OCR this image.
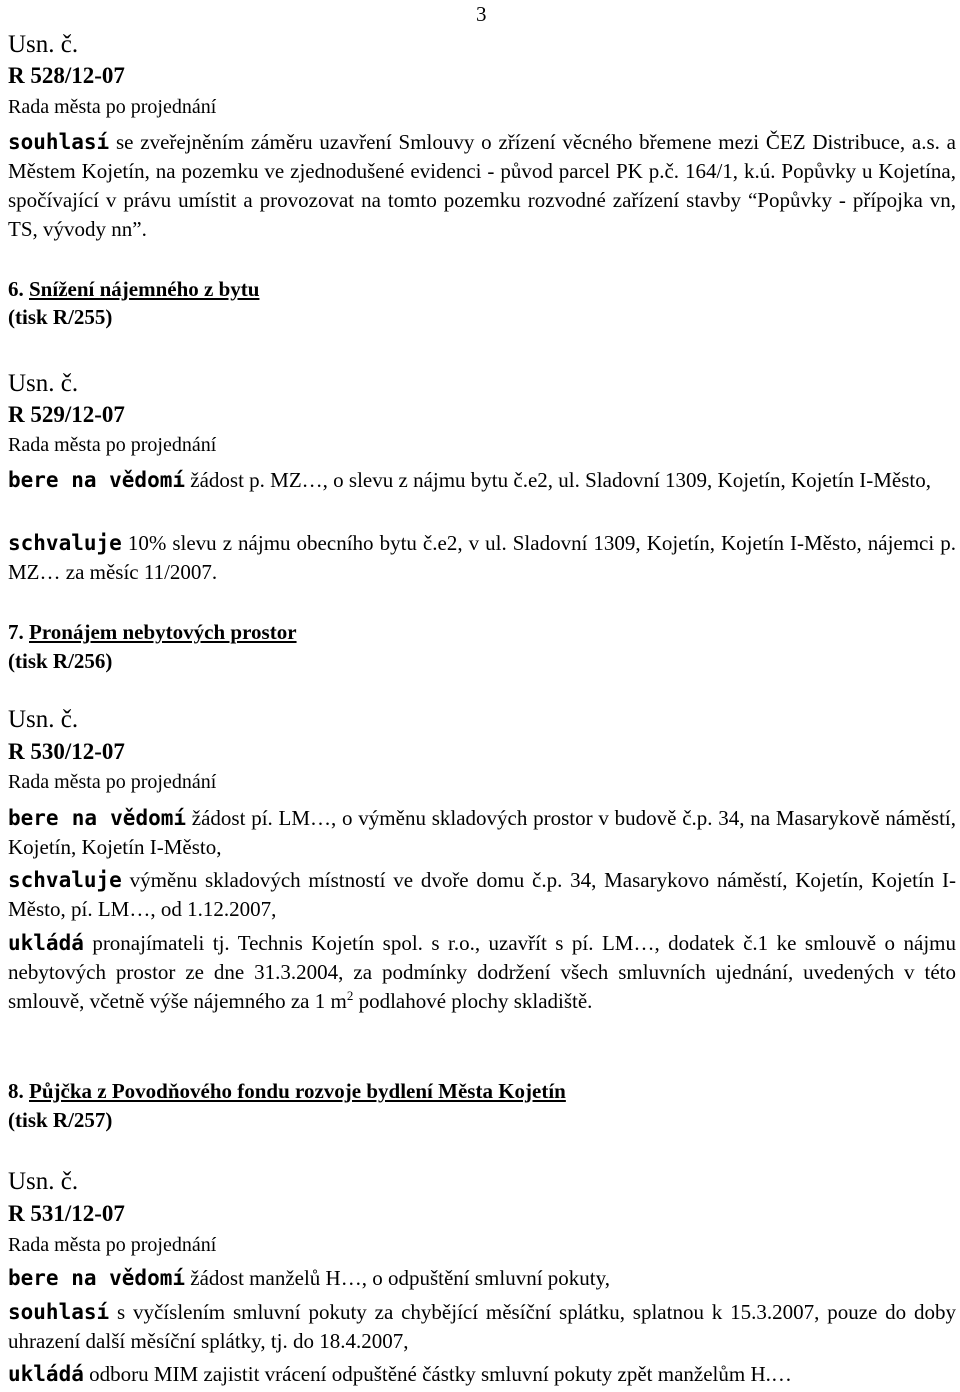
3
Usn. č.
R 528/12-07
Rada města po projednání

souhlasí se zveřejněním záměru uzavření Smlouvy o zřízení věcného břemene mezi ČEZ Distribuce, a.s. a Městem Kojetín, na pozemku ve zjednodušené evidenci - původ parcel PK p.č. 164/1, k.ú. Popůvky u Kojetína, spočívající v právu umístit a provozovat na tomto pozemku rozvodné zařízení stavby “Popůvky - přípojka vn, TS, vývody nn”.

6. Snížení nájemného z bytu
(tisk R/255)
Usn. č.
R 529/12-07
Rada města po projednání

bere na vědomí žádost p. MZ…, o slevu z nájmu bytu č.e2, ul. Sladovní 1309, Kojetín, Kojetín I-Město,

schvaluje 10% slevu z nájmu obecního bytu č.e2, v ul. Sladovní 1309, Kojetín, Kojetín I-Město, nájemci p. MZ… za měsíc 11/2007.

7. Pronájem nebytových prostor
(tisk R/256)
Usn. č.
R 530/12-07
Rada města po projednání

bere na vědomí žádost pí. LM…, o výměnu skladových prostor v budově č.p. 34, na Masarykově náměstí, Kojetín, Kojetín I-Město,

schvaluje výměnu skladových místností ve dvoře domu č.p. 34, Masarykovo náměstí, Kojetín, Kojetín I-Město, pí. LM…, od 1.12.2007,

ukládá pronajímateli tj. Technis Kojetín spol. s r.o., uzavřít s pí. LM…, dodatek č.1 ke smlouvě o nájmu nebytových prostor ze dne 31.3.2004, za podmínky dodržení všech smluvních ujednání, uvedených v této smlouvě, včetně výše nájemného za 1 $m^2$ podlahové plochy skladiště.

8. Půjčka z Povodňového fondu rozvoje bydlení Města Kojetín
(tisk R/257)
Usn. č.
R 531/12-07
Rada města po projednání

bere na vědomí žádost manželů H…, o odpuštění smluvní pokuty,

souhlasí s vyčíslením smluvní pokuty za chybějící měsíční splátku, splatnou k 15.3.2007, pouze do doby uhrazení další měsíční splátky, tj. do 18.4.2007,

ukládá odboru MIM zajistit vrácení odpuštěné částky smluvní pokuty zpět manželům H.…
